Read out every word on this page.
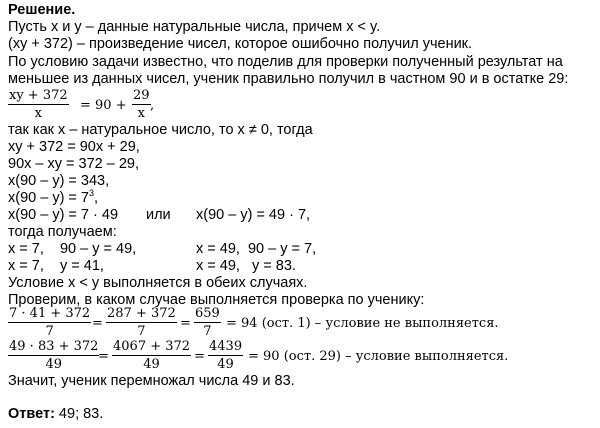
Решение.
Пусть x и y – данные натуральные числа, причем x < y.
(xy + 372) – произведение чисел, которое ошибочно получил ученик.
По условию задачи известно, что поделив для проверки полученный результат на
меньшее из данных чисел, ученик правильно получил в частном 90 и в остатке 29:
$\frac{xy + 372}{x} = 90 + \frac{29}{x}$ ,
так как x – натуральное число, то x ≠ 0, тогда
xy + 372 = 90x + 29,
90x – xy = 372 – 29,
x(90 – y) = 343,
$x(90 - y) = 7^3$,
x(90 – y) = 7 · 49 или x(90 – y) = 49 · 7,
тогда получаем:
x = 7,    90 – y = 49,	x = 49,  90 – y = 7,
x = 7,    y = 41,	x = 49,   y = 83.
Условие x < y выполняется в обеих случаях.
Проверим, в каком случае выполняется проверка по ученику:
$\frac{7 \cdot 41 + 372}{7} = \frac{287 + 372}{7} = \frac{659}{7} = 94$ (ост. 1) – условие не выполняется.
$\frac{49 \cdot 83 + 372}{49}$
= $\frac{4067 + 372}{49} = \frac{4439}{49} = 90$ (ост. 29) – условие выполняется.
Значит, ученик перемножал числа 49 и 83.
Ответ: 49; 83.
